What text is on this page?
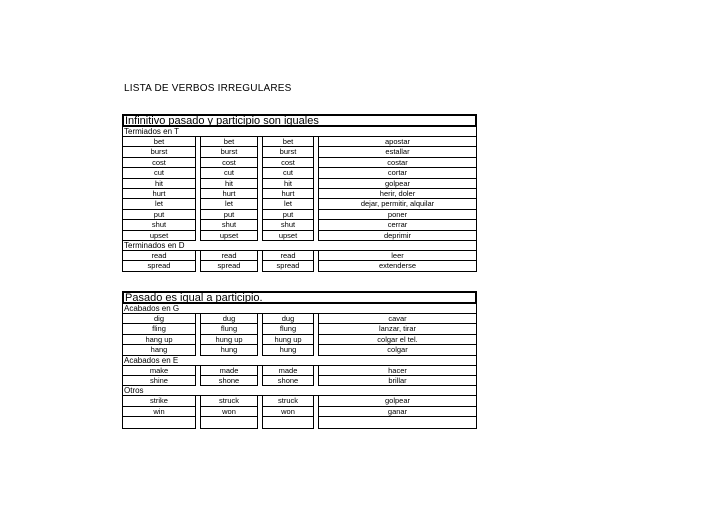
LISTA DE VERBOS IRREGULARES
Infinitivo pasado y participio son iguales
Termiados en T
bet	bet	bet	apostar
burst	burst	burst	estallar
cost	cost	cost	costar
cut	cut	cut	cortar
hit	hit	hit	golpear
hurt	hurt	hurt	herir, doler
let	let	let	dejar, permitir, alquilar
put	put	put	poner
shut	shut	shut	cerrar
upset	upset	upset	deprimir
Terminados en D
read	read	read	leer
spread	spread	spread	extenderse
Pasado es igual a participio.
Acabados en G
dig	dug	dug	cavar
fling	flung	flung	lanzar, tirar
hang up	hung up	hung up	colgar el tel.
hang	hung	hung	colgar
Acabados en E
make	made	made	hacer
shine	shone	shone	brillar
Otros
strike	struck	struck	golpear
win	won	won	ganar
